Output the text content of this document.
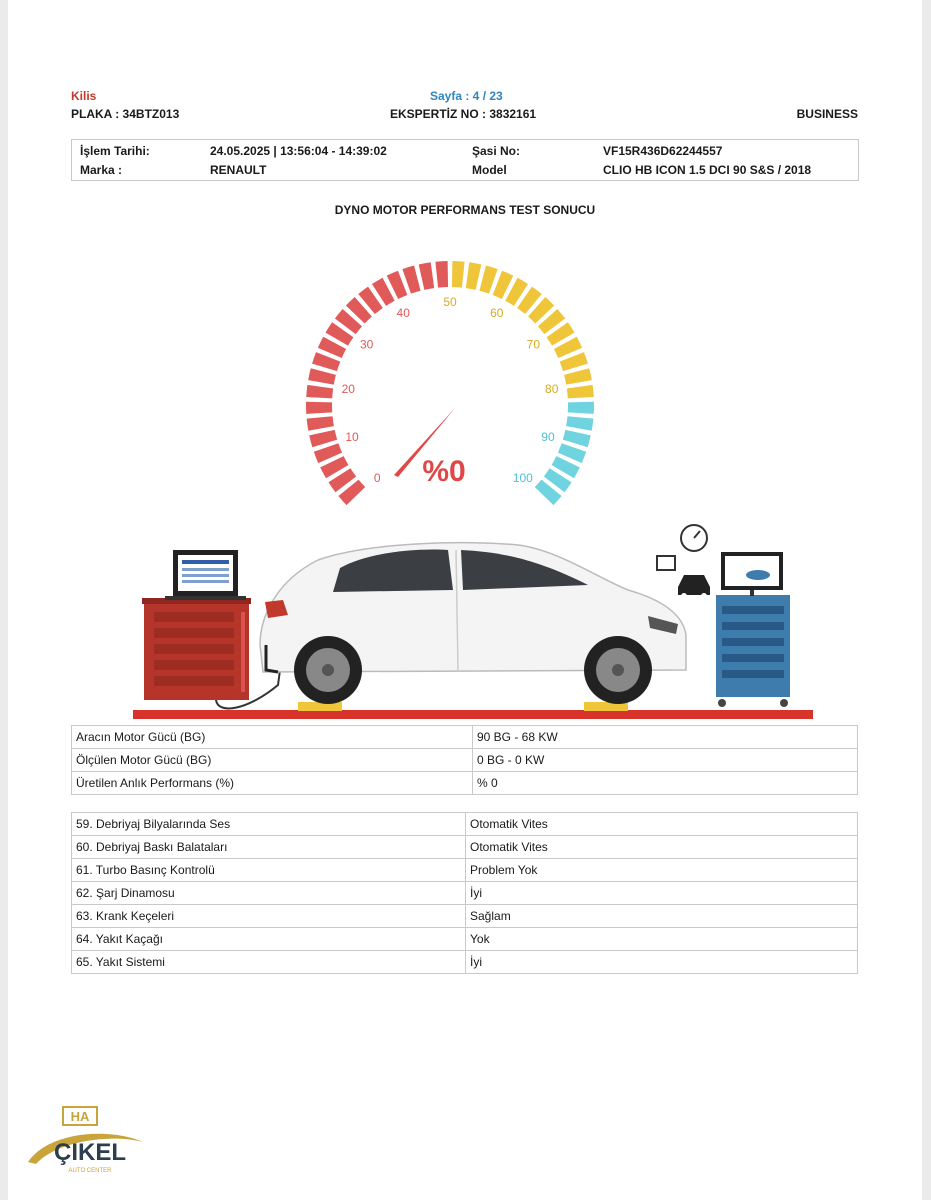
Kilis	Sayfa : 4 / 23
PLAKA : 34BTZ013	EKSPERTİZ NO : 3832161	BUSINESS
İşlem Tarihi:	24.05.2025 | 13:56:04 - 14:39:02	Şasi No:	VF15R436D62244557
Marka :	RENAULT	Model	CLIO HB ICON 1.5 DCI 90 S&S / 2018
DYNO MOTOR PERFORMANS TEST SONUCU
0
10
20
30
40
50
60
70
80
90
100
%0
Aracın Motor Gücü (BG)	90 BG - 68 KW
Ölçülen Motor Gücü (BG)	0 BG - 0 KW
Üretilen Anlık Performans (%)	% 0
59. Debriyaj Bilyalarında Ses	Otomatik Vites
60. Debriyaj Baskı Balataları	Otomatik Vites
61. Turbo Basınç Kontrolü	Problem Yok
62. Şarj Dinamosu	İyi
63. Krank Keçeleri	Sağlam
64. Yakıt Kaçağı	Yok
65. Yakıt Sistemi	İyi
HA
ÇIKEL
AUTO CENTER
